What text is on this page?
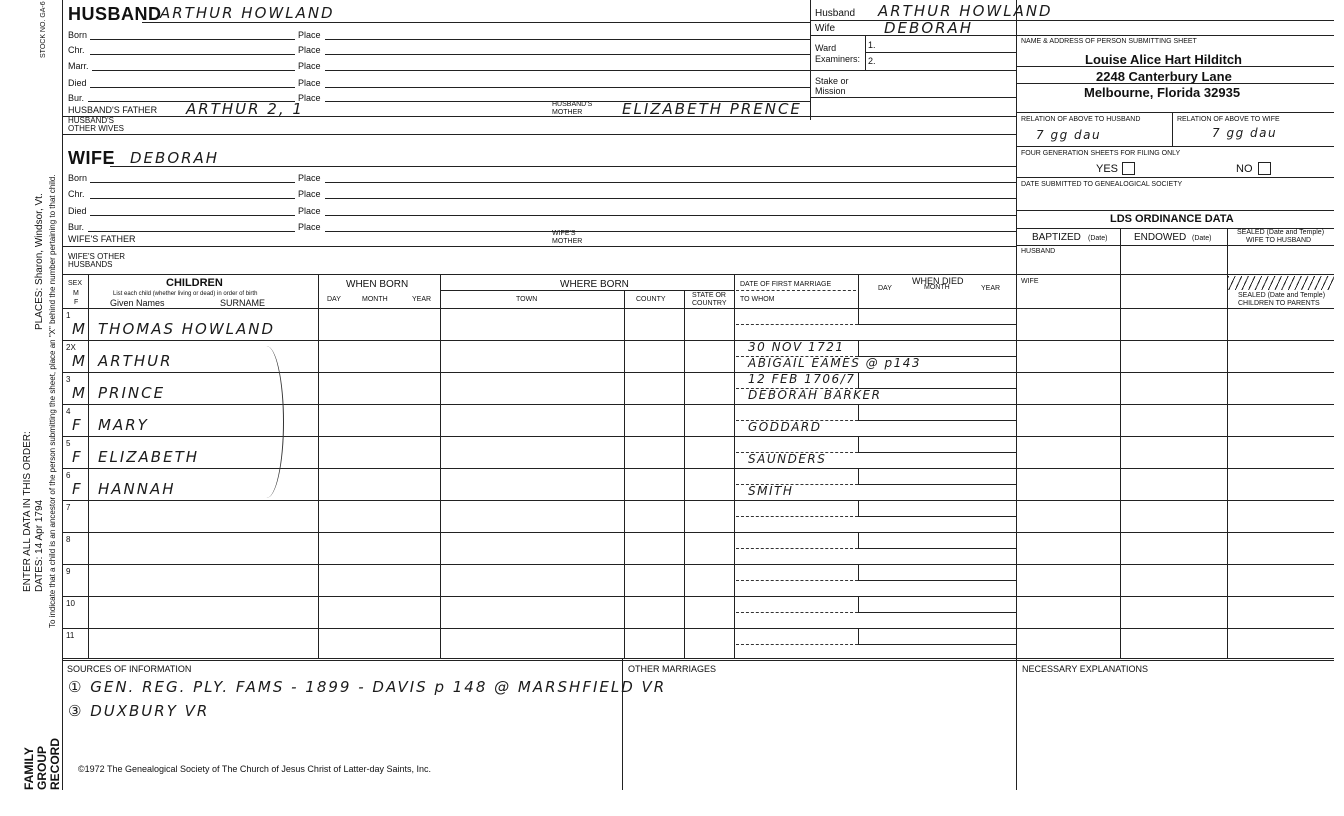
STOCK NO. GA-6
PLACES: Sharon, Windsor, Vt.
ENTER ALL DATA IN THIS ORDER: DATES: 14 Apr 1794 To indicate that a child is an ancestor of the person submitting the sheet, place an "X" behind the number pertaining to that child.
FAMILY GROUP RECORD
HUSBAND
ARTHUR HOWLAND
Born	Place
Chr.	Place
Marr.	Place
Died	Place
Bur.	Place
HUSBAND'S FATHER ARTHUR 2, 1	HUSBAND'S MOTHER	ELIZABETH PRENCE
HUSBAND'S OTHER WIVES
WIFE DEBORAH
Born	Place
Chr.	Place
Died	Place
Bur.	Place
WIFE'S FATHER
WIFE'S MOTHER
WIFE'S OTHER HUSBANDS
Husband ARTHUR HOWLAND
Wife	DEBORAH
Ward
Examiners:
1.
2.
Stake or
Mission
NAME & ADDRESS OF PERSON SUBMITTING SHEET
Louise Alice Hart Hilditch
2248 Canterbury Lane
Melbourne, Florida 32935
RELATION OF ABOVE TO HUSBAND	RELATION OF ABOVE TO WIFE
7 gg dau	7 gg dau
FOUR GENERATION SHEETS FOR FILING ONLY
YES	NO
DATE SUBMITTED TO GENEALOGICAL SOCIETY
LDS ORDINANCE DATA
BAPTIZED (Date)	ENDOWED (Date)
SEALED (Date and Temple)
WIFE TO HUSBAND
HUSBAND
WIFE
SEALED (Date and Temple)
CHILDREN TO PARENTS
SEX
M
F
CHILDREN
List each child (whether living or dead) in order of birth
Given Names	SURNAME
WHEN BORN
DAY	MONTH	YEAR
WHERE BORN
TOWN	COUNTY
STATE OR
COUNTRY
DATE OF FIRST MARRIAGE
TO WHOM
WHEN DIED
DAY	MONTH	YEAR
1
M THOMAS HOWLAND
2X
M ARTHUR
30 NOV 1721
ABIGAIL EAMES @ p143
3
M PRINCE
12 FEB 1706/7
DEBORAH BARKER
4
F MARY	GODDARD
5
F ELIZABETH	SAUNDERS
6
F HANNAH	SMITH
7
8
9
10
11
SOURCES OF INFORMATION
① GEN. REG. PLY. FAMS - 1899 - DAVIS p 148 @ MARSHFIELD VR
③ DUXBURY VR
OTHER MARRIAGES	NECESSARY EXPLANATIONS
©1972 The Genealogical Society of The Church of Jesus Christ of Latter-day Saints, Inc.
